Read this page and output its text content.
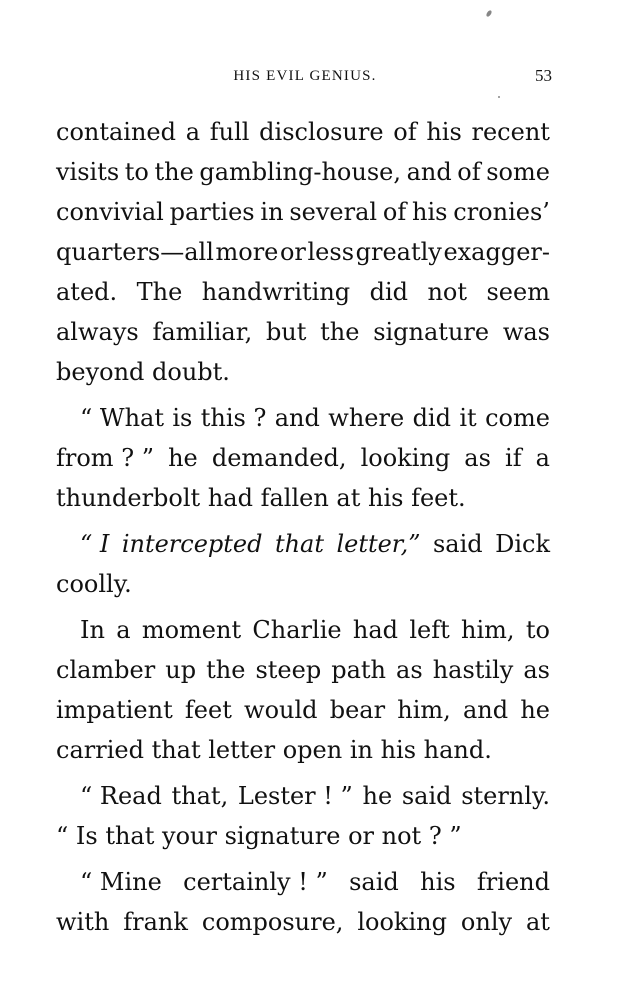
HIS EVIL GENIUS.	53
contained a full disclosure of his recent
visits to the gambling-house, and of some
convivial parties in several of his cronies’
quarters—all more or less greatly exagger-
ated. The handwriting did not seem
always familiar, but the signature was
beyond doubt.
“ What is this ? and where did it come
from ? ” he demanded, looking as if a
thunderbolt had fallen at his feet.
“ I intercepted that letter,” said Dick
coolly.
In a moment Charlie had left him, to
clamber up the steep path as hastily as
impatient feet would bear him, and he
carried that letter open in his hand.
“ Read that, Lester ! ” he said sternly.
“ Is that your signature or not ? ”
“ Mine certainly ! ” said his friend
with frank composure, looking only at
